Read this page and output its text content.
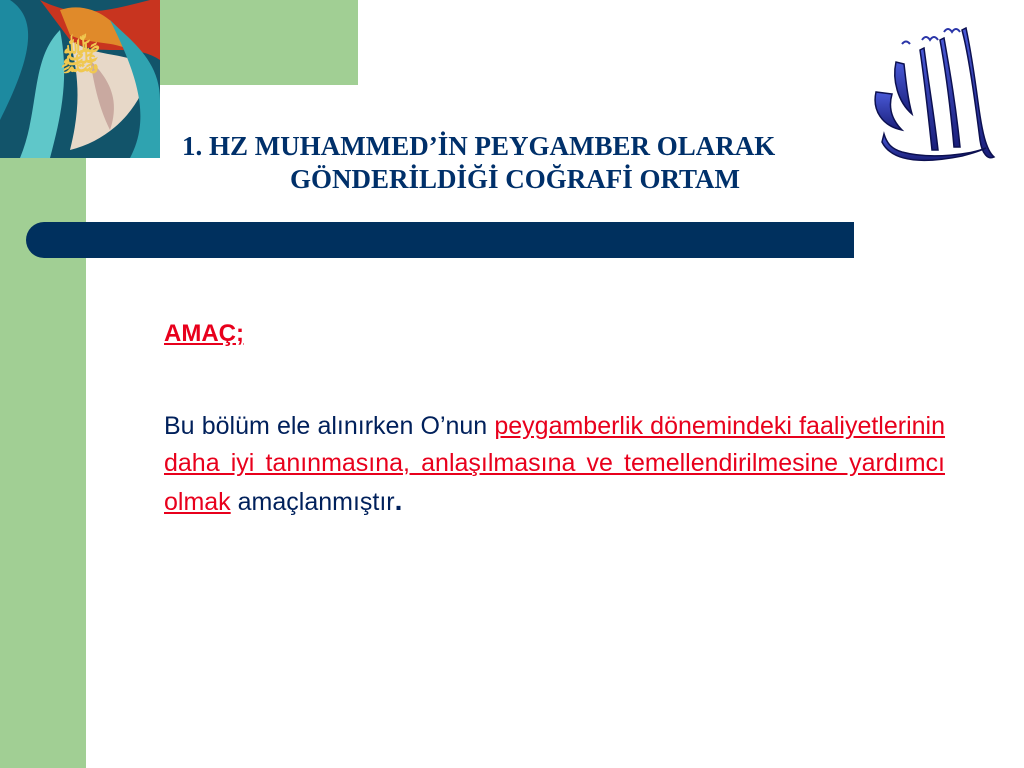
ﷺ
1. HZ MUHAMMED’İN PEYGAMBER OLARAK
GÖNDERİLDİĞİ COĞRAFİ ORTAM
AMAÇ;
Bu bölüm ele alınırken O’nun peygamberlik dönemindeki faaliyetlerinin daha iyi tanınmasına, anlaşılmasına ve temellendirilmesine yardımcı olmak amaçlanmıştır.
